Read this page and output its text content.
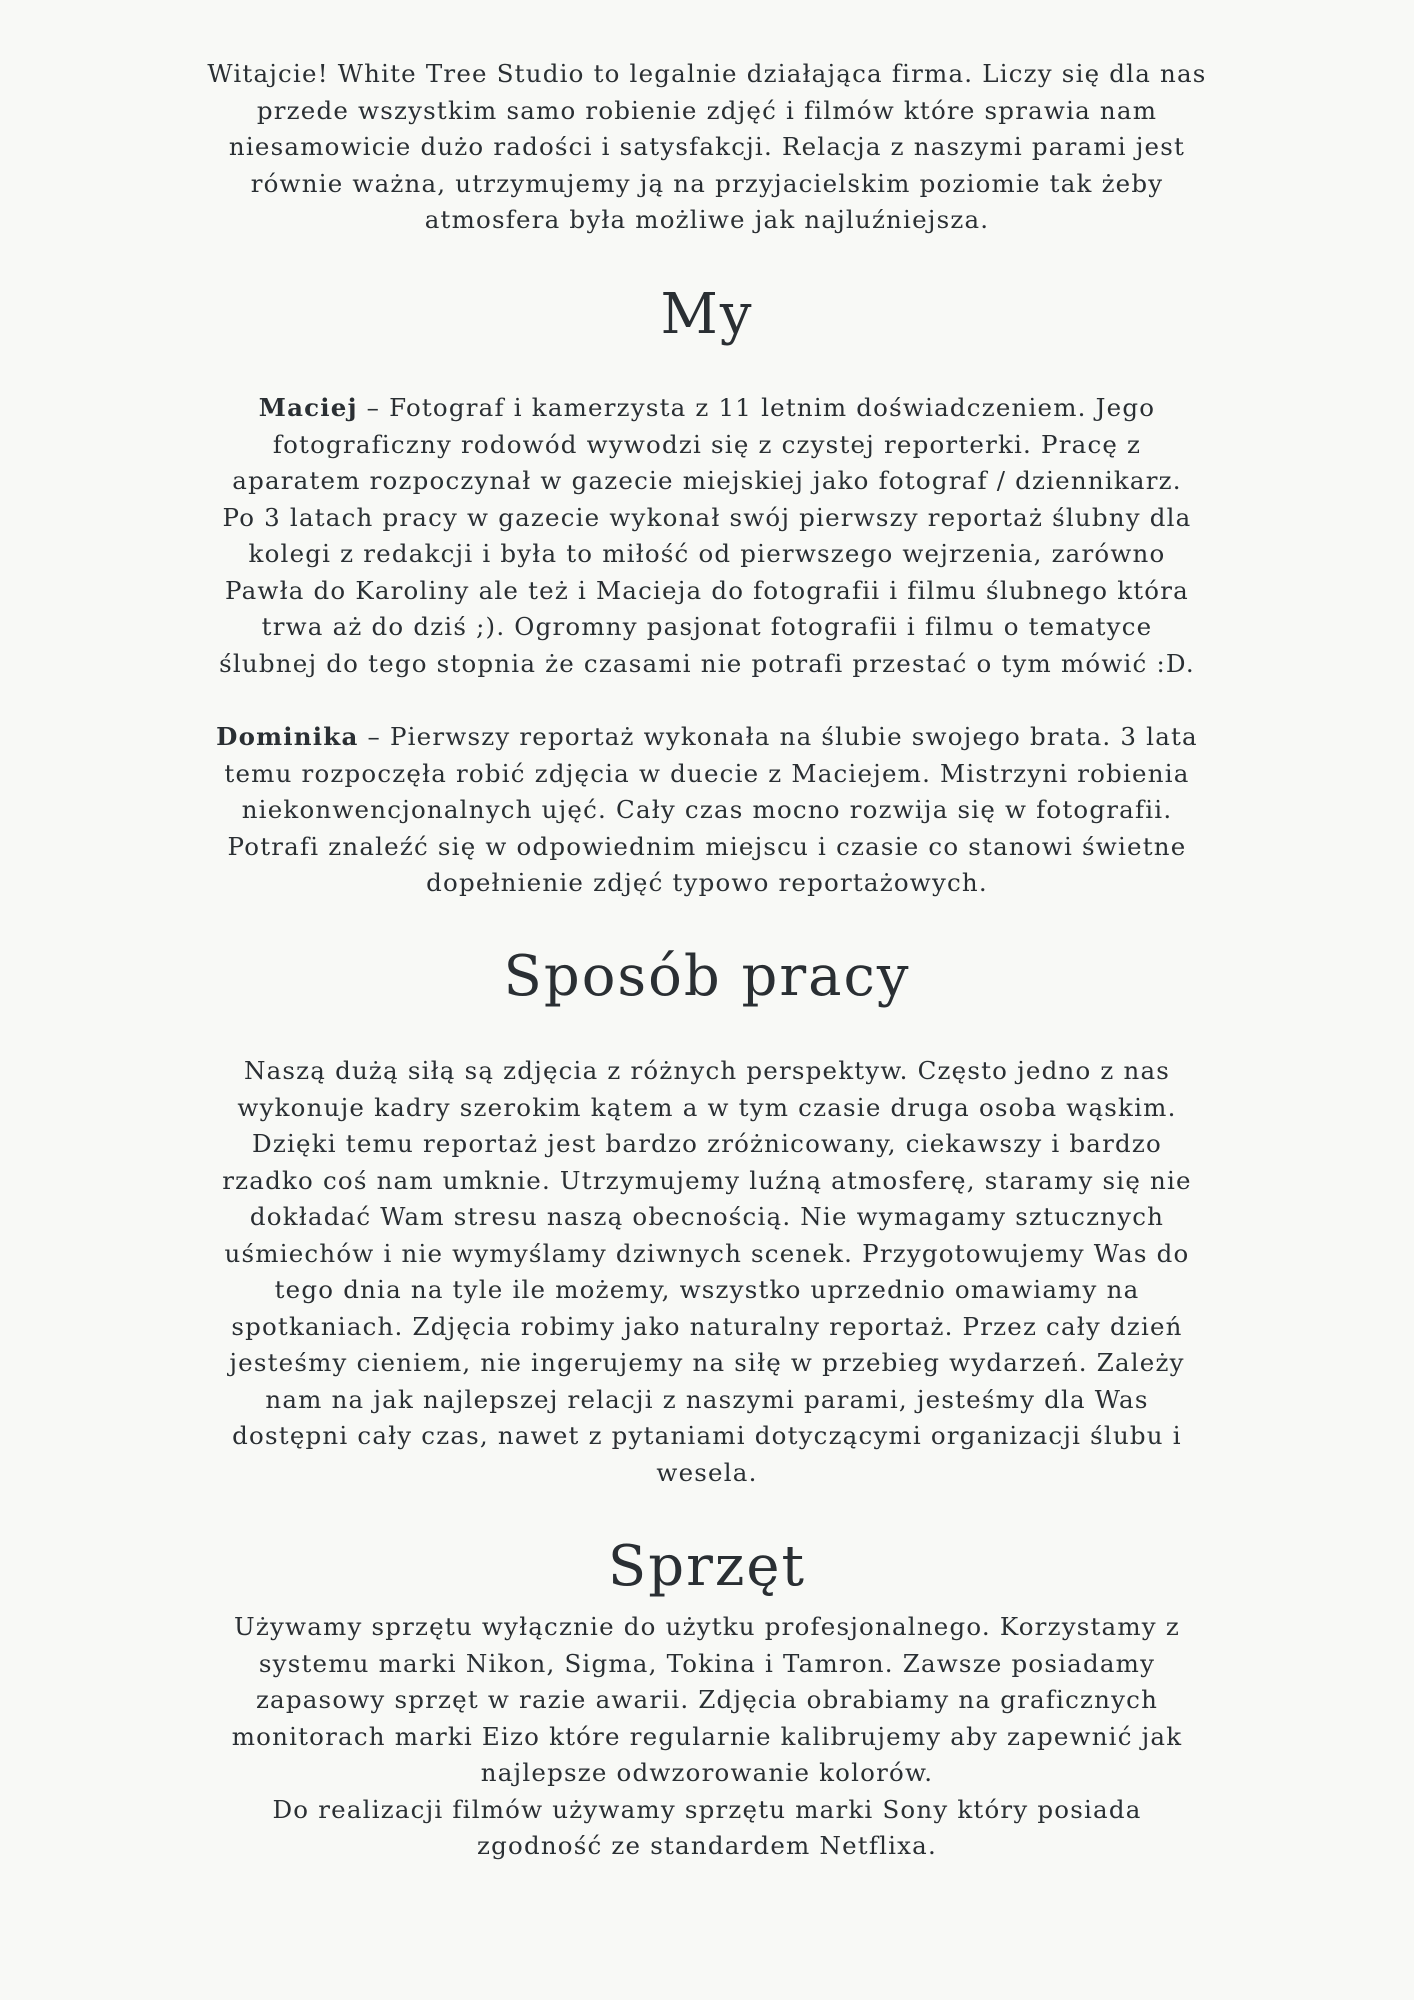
Witajcie! White Tree Studio to legalnie działająca firma. Liczy się dla nas
przede wszystkim samo robienie zdjęć i filmów które sprawia nam
niesamowicie dużo radości i satysfakcji. Relacja z naszymi parami jest
równie ważna, utrzymujemy ją na przyjacielskim poziomie tak żeby
atmosfera była możliwe jak najluźniejsza.

My

Maciej – Fotograf i kamerzysta z 11 letnim doświadczeniem. Jego
fotograficzny rodowód wywodzi się z czystej reporterki. Pracę z
aparatem rozpoczynał w gazecie miejskiej jako fotograf / dziennikarz.
Po 3 latach pracy w gazecie wykonał swój pierwszy reportaż ślubny dla
kolegi z redakcji i była to miłość od pierwszego wejrzenia, zarówno
Pawła do Karoliny ale też i Macieja do fotografii i filmu ślubnego która
trwa aż do dziś ;). Ogromny pasjonat fotografii i filmu o tematyce
ślubnej do tego stopnia że czasami nie potrafi przestać o tym mówić :D.

Dominika – Pierwszy reportaż wykonała na ślubie swojego brata. 3 lata
temu rozpoczęła robić zdjęcia w duecie z Maciejem. Mistrzyni robienia
niekonwencjonalnych ujęć. Cały czas mocno rozwija się w fotografii.
Potrafi znaleźć się w odpowiednim miejscu i czasie co stanowi świetne
dopełnienie zdjęć typowo reportażowych.

Sposób pracy

Naszą dużą siłą są zdjęcia z różnych perspektyw. Często jedno z nas
wykonuje kadry szerokim kątem a w tym czasie druga osoba wąskim.
Dzięki temu reportaż jest bardzo zróżnicowany, ciekawszy i bardzo
rzadko coś nam umknie. Utrzymujemy luźną atmosferę, staramy się nie
dokładać Wam stresu naszą obecnością. Nie wymagamy sztucznych
uśmiechów i nie wymyślamy dziwnych scenek. Przygotowujemy Was do
tego dnia na tyle ile możemy, wszystko uprzednio omawiamy na
spotkaniach. Zdjęcia robimy jako naturalny reportaż. Przez cały dzień
jesteśmy cieniem, nie ingerujemy na siłę w przebieg wydarzeń. Zależy
nam na jak najlepszej relacji z naszymi parami, jesteśmy dla Was
dostępni cały czas, nawet z pytaniami dotyczącymi organizacji ślubu i
wesela.

Sprzęt

Używamy sprzętu wyłącznie do użytku profesjonalnego. Korzystamy z
systemu marki Nikon, Sigma, Tokina i Tamron. Zawsze posiadamy
zapasowy sprzęt w razie awarii. Zdjęcia obrabiamy na graficznych
monitorach marki Eizo które regularnie kalibrujemy aby zapewnić jak
najlepsze odwzorowanie kolorów.
Do realizacji filmów używamy sprzętu marki Sony który posiada
zgodność ze standardem Netflixa.
